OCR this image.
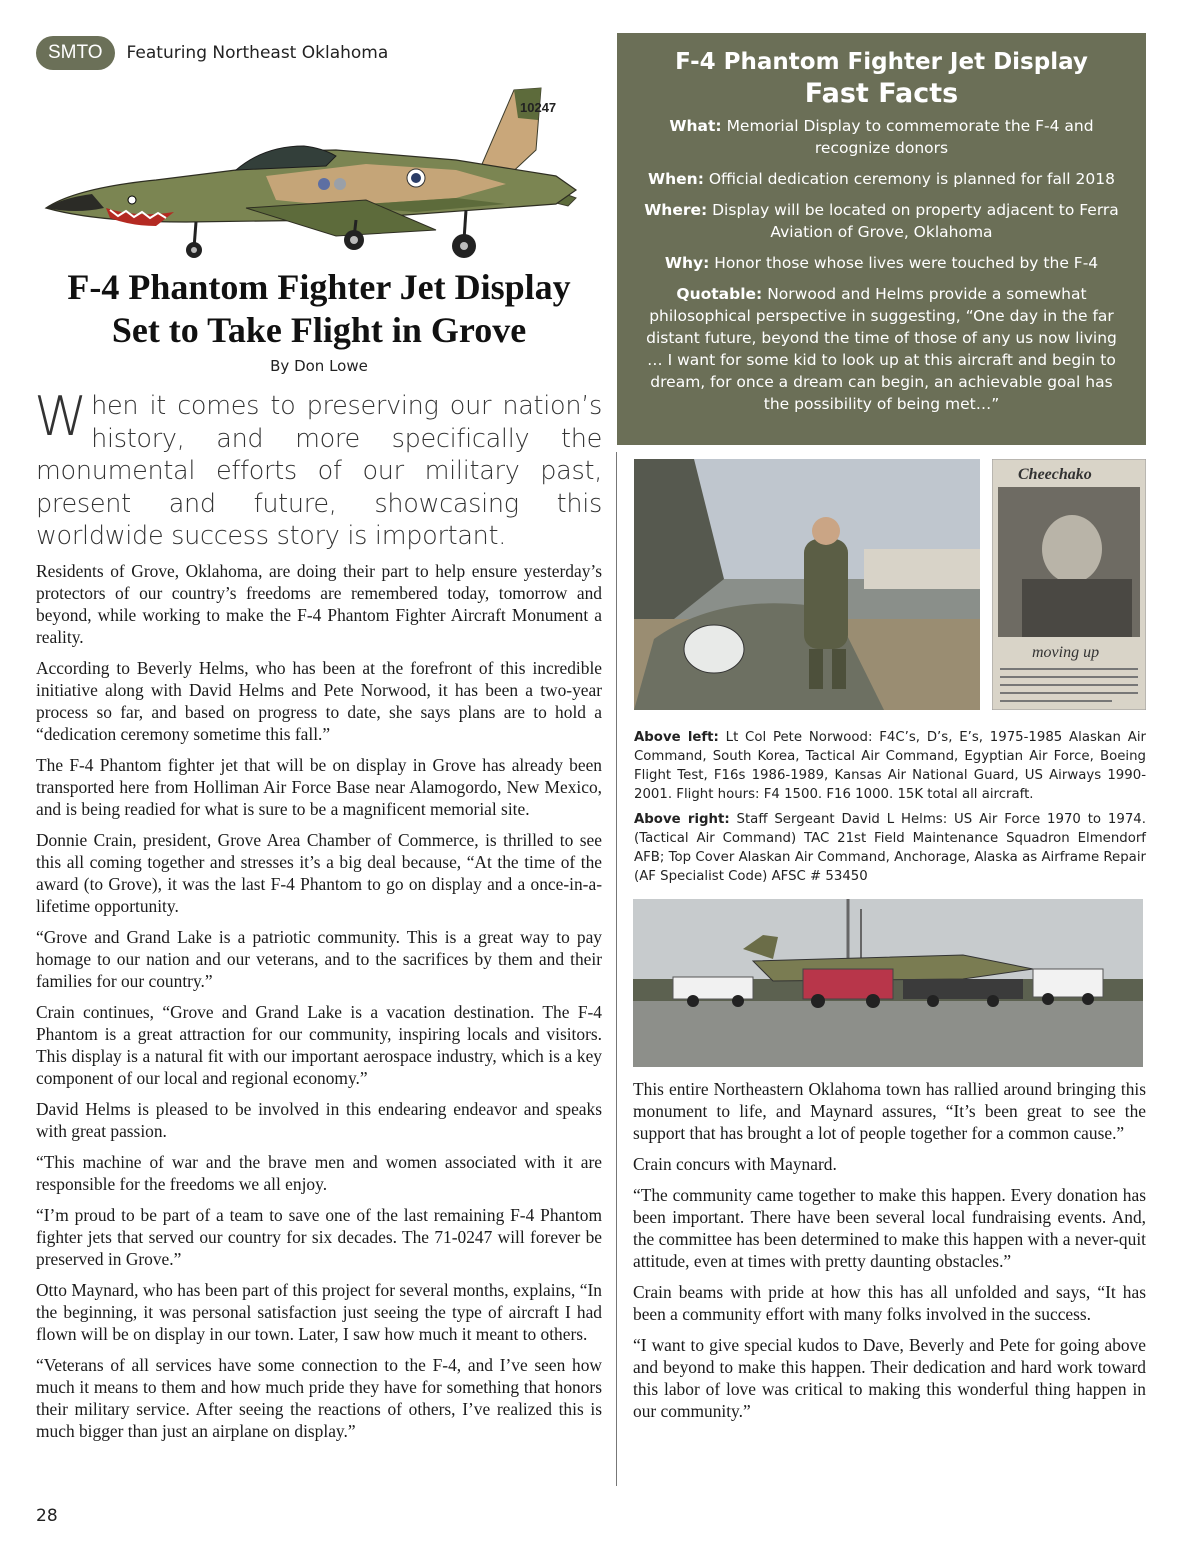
SMTO	Featuring Northeast Oklahoma
10247
F-4 Phantom Fighter Jet Display
Set to Take Flight in Grove
By Don Lowe
When it comes to preserving our nation’s history, and more specifically the monumental efforts of our military past, present and future, showcasing this worldwide success story is important.

Residents of Grove, Oklahoma, are doing their part to help ensure yesterday’s protectors of our country’s freedoms are remembered today, tomorrow and beyond, while working to make the F-4 Phantom Fighter Aircraft Monument a reality.

According to Beverly Helms, who has been at the forefront of this incredible initiative along with David Helms and Pete Norwood, it has been a two-year process so far, and based on progress to date, she says plans are to hold a “dedication ceremony sometime this fall.”

The F-4 Phantom fighter jet that will be on display in Grove has already been transported here from Holliman Air Force Base near Alamogordo, New Mexico, and is being readied for what is sure to be a magnificent memorial site.

Donnie Crain, president, Grove Area Chamber of Commerce, is thrilled to see this all coming together and stresses it’s a big deal because, “At the time of the award (to Grove), it was the last F-4 Phantom to go on display and a once-in-a-lifetime opportunity.

“Grove and Grand Lake is a patriotic community. This is a great way to pay homage to our nation and our veterans, and to the sacrifices by them and their families for our country.”

Crain continues, “Grove and Grand Lake is a vacation destination. The F-4 Phantom is a great attraction for our community, inspiring locals and visitors. This display is a natural fit with our important aerospace industry, which is a key component of our local and regional economy.”

David Helms is pleased to be involved in this endearing endeavor and speaks with great passion.

“This machine of war and the brave men and women associated with it are responsible for the freedoms we all enjoy.

“I’m proud to be part of a team to save one of the last remaining F-4 Phantom fighter jets that served our country for six decades. The 71-0247 will forever be preserved in Grove.”

Otto Maynard, who has been part of this project for several months, explains, “In the beginning, it was personal satisfaction just seeing the type of aircraft I had flown will be on display in our town. Later, I saw how much it meant to others.

“Veterans of all services have some connection to the F-4, and I’ve seen how much it means to them and how much pride they have for something that honors their military service. After seeing the reactions of others, I’ve realized this is much bigger than just an airplane on display.”

F-4 Phantom Fighter Jet Display
Fast Facts
What: Memorial Display to commemorate the F-4 and recognize donors
When: Official dedication ceremony is planned for fall 2018
Where: Display will be located on property adjacent to Ferra Aviation of Grove, Oklahoma
Why: Honor those whose lives were touched by the F-4
Quotable: Norwood and Helms provide a somewhat philosophical perspective in suggesting, “One day in the far distant future, beyond the time of those of any us now living … I want for some kid to look up at this aircraft and begin to dream, for once a dream can begin, an achievable goal has the possibility of being met…”
Cheechako
moving up
Above left: Lt Col Pete Norwood: F4C’s, D’s, E’s, 1975-1985 Alaskan Air Command, South Korea, Tactical Air Command, Egyptian Air Force, Boeing Flight Test, F16s 1986-1989, Kansas Air National Guard, US Airways 1990-2001. Flight hours: F4 1500. F16 1000. 15K total all aircraft.
Above right: Staff Sergeant David L Helms: US Air Force 1970 to 1974. (Tactical Air Command) TAC 21st Field Maintenance Squadron Elmendorf AFB; Top Cover Alaskan Air Command, Anchorage, Alaska as Airframe Repair (AF Specialist Code) AFSC # 53450

This entire Northeastern Oklahoma town has rallied around bringing this monument to life, and Maynard assures, “It’s been great to see the support that has brought a lot of people together for a common cause.”

Crain concurs with Maynard.

“The community came together to make this happen. Every donation has been important. There have been several local fundraising events. And, the committee has been determined to make this happen with a never-quit attitude, even at times with pretty daunting obstacles.”

Crain beams with pride at how this has all unfolded and says, “It has been a community effort with many folks involved in the success.

“I want to give special kudos to Dave, Beverly and Pete for going above and beyond to make this happen. Their dedication and hard work toward this labor of love was critical to making this wonderful thing happen in our community.”

28
